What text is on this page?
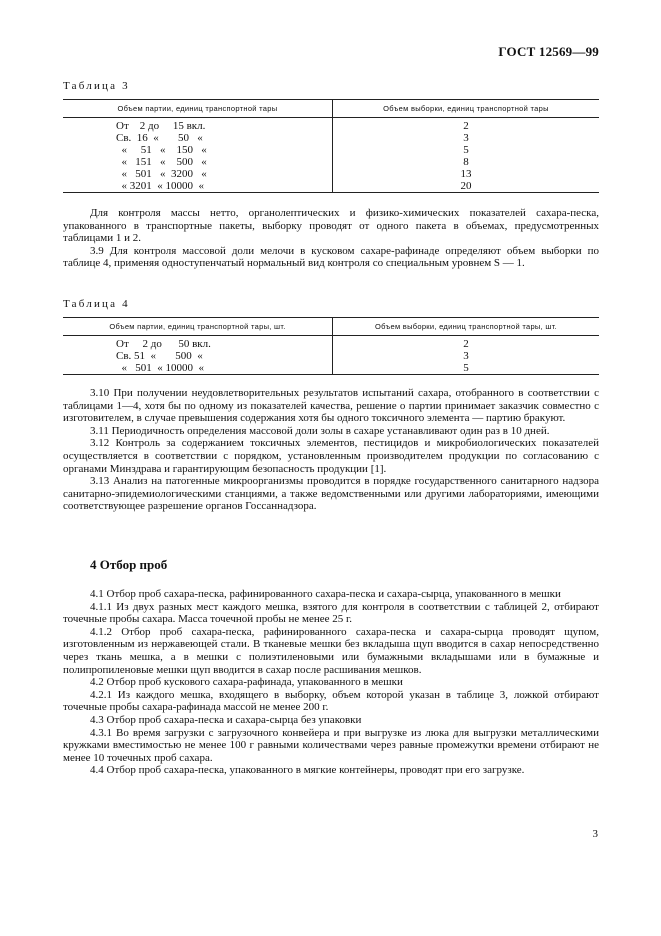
ГОСТ 12569—99
Таблица 3
Объем партии, единиц транспортной тары	Объем выборки, единиц транспортной тары

От    2 до     15 вкл.	2

Св.  16  «       50   «	3

«     51   «    150   «	5

«   151   «    500   «	8

«   501   «  3200   «	13

« 3201  « 10000  «	20

Для контроля массы нетто, органолептических и физико-химических показателей сахара-песка, упакованного в транспортные пакеты, выборку проводят от одного пакета в объемах, предусмотренных таблицами 1 и 2.

3.9 Для контроля массовой доли мелочи в кусковом сахаре-рафинаде определяют объем выборки по таблице 4, применяя одноступенчатый нормальный вид контроля со специальным уровнем S — 1.

Таблица 4
Объем партии, единиц транспортной тары, шт.	Объем выборки, единиц транспортной тары, шт.

От     2 до      50 вкл.	2

Св. 51  «       500  «	3

«   501  « 10000  «	5

3.10 При получении неудовлетворительных результатов испытаний сахара, отобранного в соответствии с таблицами 1—4, хотя бы по одному из показателей качества, решение о партии принимает заказчик совместно с изготовителем, в случае превышения содержания хотя бы одного токсичного элемента — партию бракуют.

3.11 Периодичность определения массовой доли золы в сахаре устанавливают один раз в 10 дней.

3.12 Контроль за содержанием токсичных элементов, пестицидов и микробиологических показателей осуществляется в соответствии с порядком, установленным производителем продукции по согласованию с органами Минздрава и гарантирующим безопасность продукции [1].

3.13 Анализ на патогенные микроорганизмы проводится в порядке государственного санитарного надзора санитарно-эпидемиологическими станциями, а также ведомственными или другими лабораториями, имеющими соответствующее разрешение органов Госсаннадзора.

4 Отбор проб

4.1 Отбор проб сахара-песка, рафинированного сахара-песка и сахара-сырца, упакованного в мешки

4.1.1 Из двух разных мест каждого мешка, взятого для контроля в соответствии с таблицей 2, отбирают точечные пробы сахара. Масса точечной пробы не менее 25 г.

4.1.2 Отбор проб сахара-песка, рафинированного сахара-песка и сахара-сырца проводят щупом, изготовленным из нержавеющей стали. В тканевые мешки без вкладыша щуп вводится в сахар непосредственно через ткань мешка, а в мешки с полиэтиленовыми или бумажными вкладышами или в бумажные и полипропиленовые мешки щуп вводится в сахар после расшивания мешков.

4.2 Отбор проб кускового сахара-рафинада, упакованного в мешки

4.2.1 Из каждого мешка, входящего в выборку, объем которой указан в таблице 3, ложкой отбирают точечные пробы сахара-рафинада массой не менее 200 г.

4.3 Отбор проб сахара-песка и сахара-сырца без упаковки

4.3.1 Во время загрузки с загрузочного конвейера и при выгрузке из люка для выгрузки металлическими кружками вместимостью не менее 100 г равными количествами через равные промежутки времени отбирают не менее 10 точечных проб сахара.

4.4 Отбор проб сахара-песка, упакованного в мягкие контейнеры, проводят при его загрузке.

3
